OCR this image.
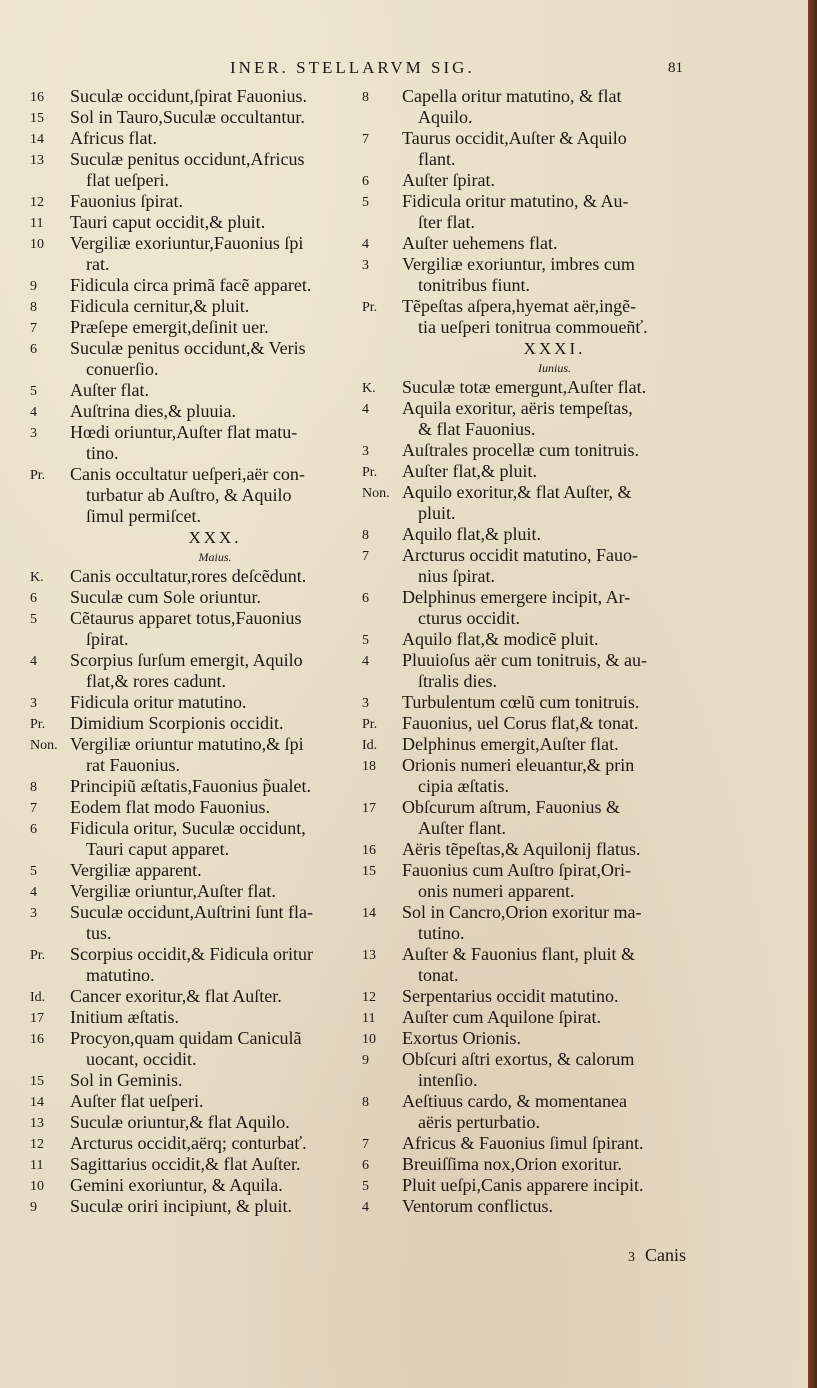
INER. STELLARVM SIG.	81
16	Suculæ occidunt,ſpirat Fauonius.
15	Sol in Tauro,Suculæ occultantur.
14	Africus flat.
13	Suculæ penitus occidunt,Africus
flat ueſperi.
12	Fauonius ſpirat.
11	Tauri caput occidit,& pluit.
10	Vergiliæ exoriuntur,Fauonius ſpi
rat.
9	Fidicula circa primã facẽ apparet.
8	Fidicula cernitur,& pluit.
7	Præſepe emergit,deſinit uer.
6	Suculæ penitus occidunt,& Veris
conuerſio.
5	Auſter flat.
4	Auſtrina dies,& pluuia.
3	Hœdi oriuntur,Auſter flat matu-
tino.
Pr.	Canis occultatur ueſperi,aër con-
turbatur ab Auſtro, & Aquilo
ſimul permiſcet.
XXX.
Maius.
K.	Canis occultatur,rores deſcẽdunt.
6	Suculæ cum Sole oriuntur.
5	Cẽtaurus apparet totus,Fauonius
ſpirat.
4	Scorpius ſurſum emergit, Aquilo
flat,& rores cadunt.
3	Fidicula oritur matutino.
Pr.	Dimidium Scorpionis occidit.
Non. Vergiliæ oriuntur matutino,& ſpi
rat Fauonius.
8	Principiũ æſtatis,Fauonius p̃ualet.
7	Eodem flat modo Fauonius.
6	Fidicula oritur, Suculæ occidunt,
Tauri caput apparet.
5	Vergiliæ apparent.
4	Vergiliæ oriuntur,Auſter flat.
3	Suculæ occidunt,Auſtrini ſunt fla-
tus.
Pr.	Scorpius occidit,& Fidicula oritur
matutino.
Id.	Cancer exoritur,& flat Auſter.
17	Initium æſtatis.
16	Procyon,quam quidam Caniculã
uocant, occidit.
15	Sol in Geminis.
14	Auſter flat ueſperi.
13	Suculæ oriuntur,& flat Aquilo.
12	Arcturus occidit,aërq; conturbať.
11	Sagittarius occidit,& flat Auſter.
10	Gemini exoriuntur, & Aquila.
9	Suculæ oriri incipiunt, & pluit.
8	Capella oritur matutino, & flat
Aquilo.
7	Taurus occidit,Auſter & Aquilo
flant.
6	Auſter ſpirat.
5	Fidicula oritur matutino, & Au-
ſter flat.
4	Auſter uehemens flat.
3	Vergiliæ exoriuntur, imbres cum
tonitribus fiunt.
Pr.	Tẽpeſtas aſpera,hyemat aër,ingẽ-
tia ueſperi tonitrua commoueñť.
XXXI.
Iunius.
K.	Suculæ totæ emergunt,Auſter flat.
4	Aquila exoritur, aëris tempeſtas,
& flat Fauonius.
3	Auſtrales procellæ cum tonitruis.
Pr.	Auſter flat,& pluit.
Non. Aquilo exoritur,& flat Auſter, &
pluit.
8	Aquilo flat,& pluit.
7	Arcturus occidit matutino, Fauo-
nius ſpirat.
6	Delphinus emergere incipit, Ar-
cturus occidit.
5	Aquilo flat,& modicẽ pluit.
4	Pluuioſus aër cum tonitruis, & au-
ſtralis dies.
3	Turbulentum cœlũ cum tonitruis.
Pr.	Fauonius, uel Corus flat,& tonat.
Id.	Delphinus emergit,Auſter flat.
18	Orionis numeri eleuantur,& prin
cipia æſtatis.
17	Obſcurum aſtrum, Fauonius &
Auſter flant.
16	Aëris tẽpeſtas,& Aquilonij flatus.
15	Fauonius cum Auſtro ſpirat,Ori-
onis numeri apparent.
14	Sol in Cancro,Orion exoritur ma-
tutino.
13	Auſter & Fauonius flant, pluit &
tonat.
12	Serpentarius occidit matutino.
11	Auſter cum Aquilone ſpirat.
10	Exortus Orionis.
9	Obſcuri aſtri exortus, & calorum
intenſio.
8	Aeſtiuus cardo, & momentanea
aëris perturbatio.
7	Africus & Fauonius ſimul ſpirant.
6	Breuiſſima nox,Orion exoritur.
5	Pluit ueſpi,Canis apparere incipit.
4	Ventorum conflictus.
3 Canis
